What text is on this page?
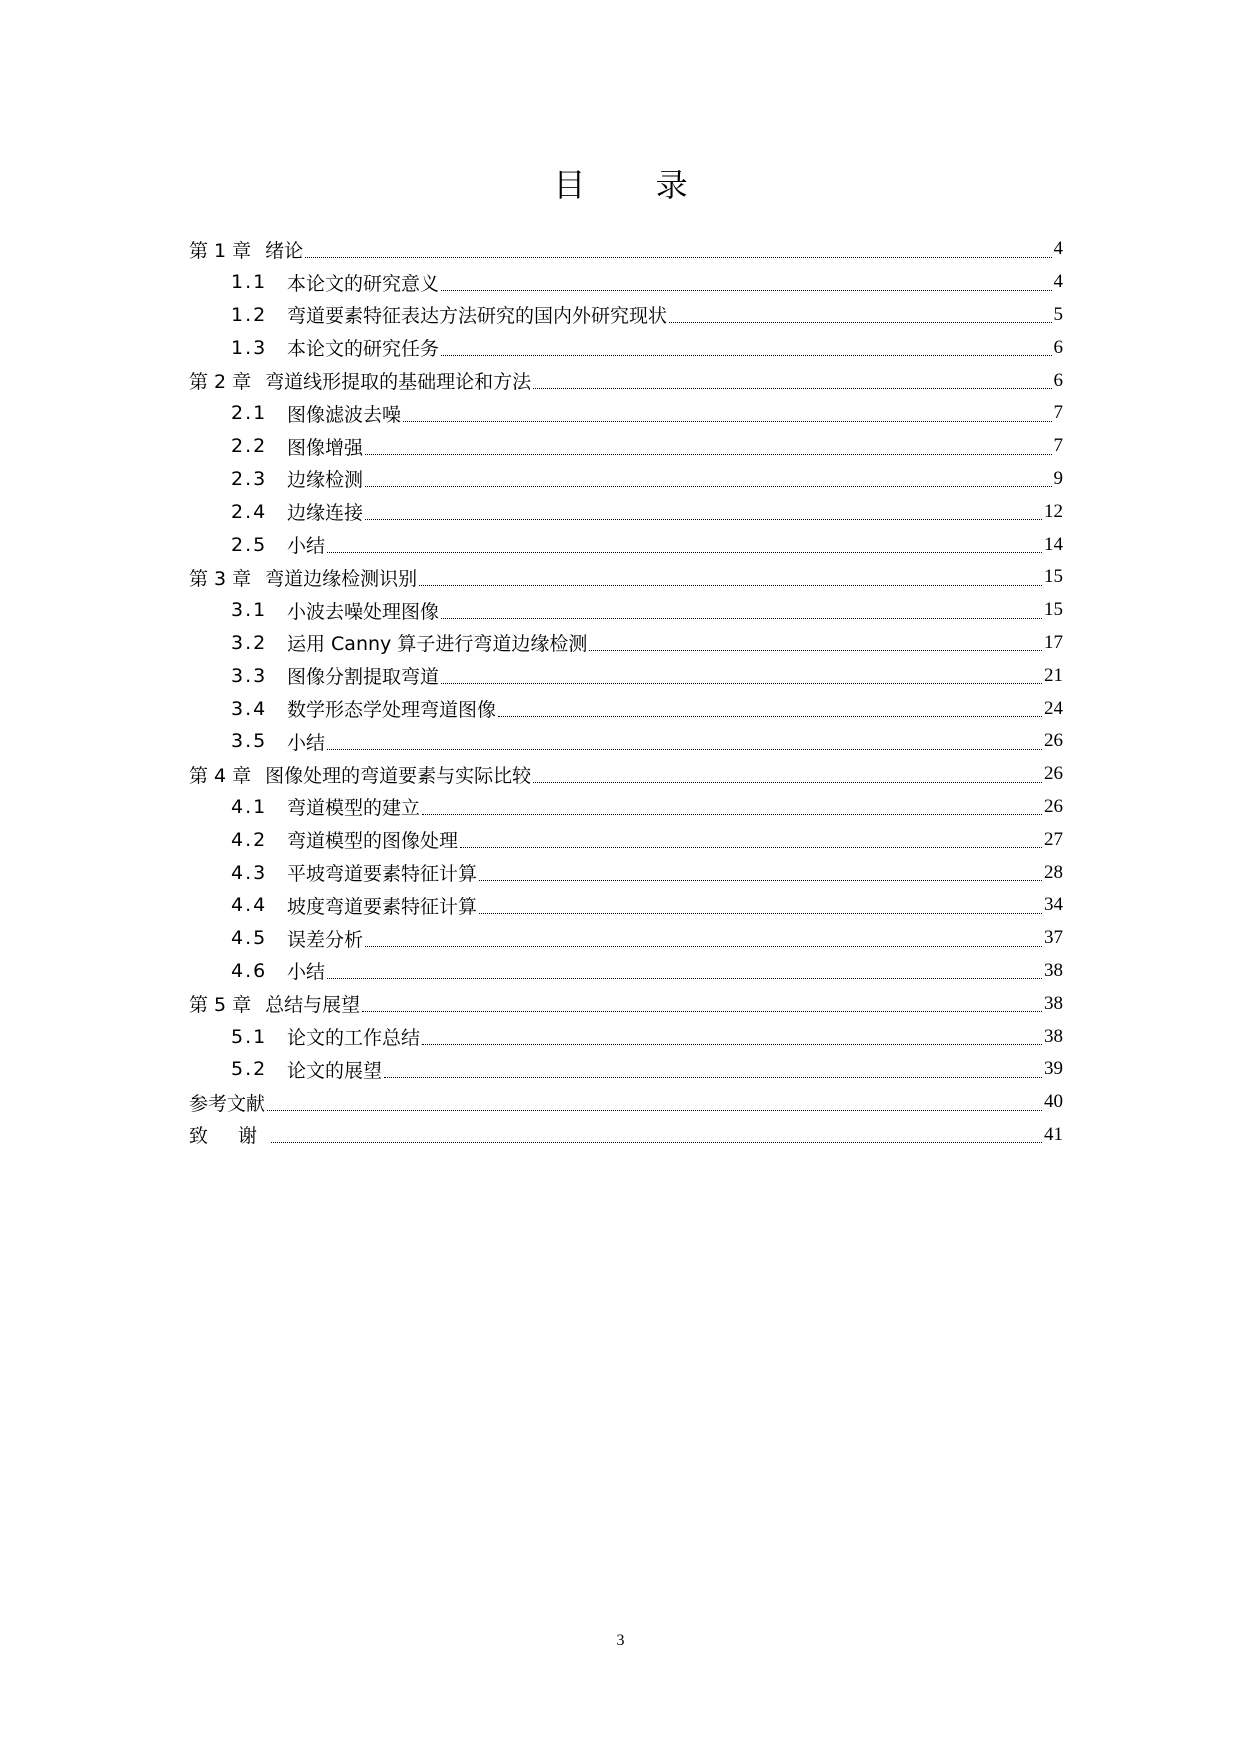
目 录
第 1 章 绪论	4
1.1	本论文的研究意义	4
1.2	弯道要素特征表达方法研究的国内外研究现状	5
1.3	本论文的研究任务	6
第 2 章 弯道线形提取的基础理论和方法	6
2.1	图像滤波去噪	7
2.2	图像增强	7
2.3	边缘检测	9
2.4	边缘连接	12
2.5	小结	14
第 3 章 弯道边缘检测识别	15
3.1	小波去噪处理图像	15
3.2	运用 Canny 算子进行弯道边缘检测	17
3.3	图像分割提取弯道	21
3.4	数学形态学处理弯道图像	24
3.5	小结	26
第 4 章 图像处理的弯道要素与实际比较	26
4.1	弯道模型的建立	26
4.2	弯道模型的图像处理	27
4.3	平坡弯道要素特征计算	28
4.4	坡度弯道要素特征计算	34
4.5	误差分析	37
4.6	小结	38
第 5 章 总结与展望	38
5.1	论文的工作总结	38
5.2	论文的展望	39
参考文献	40
致 谢	41
3
